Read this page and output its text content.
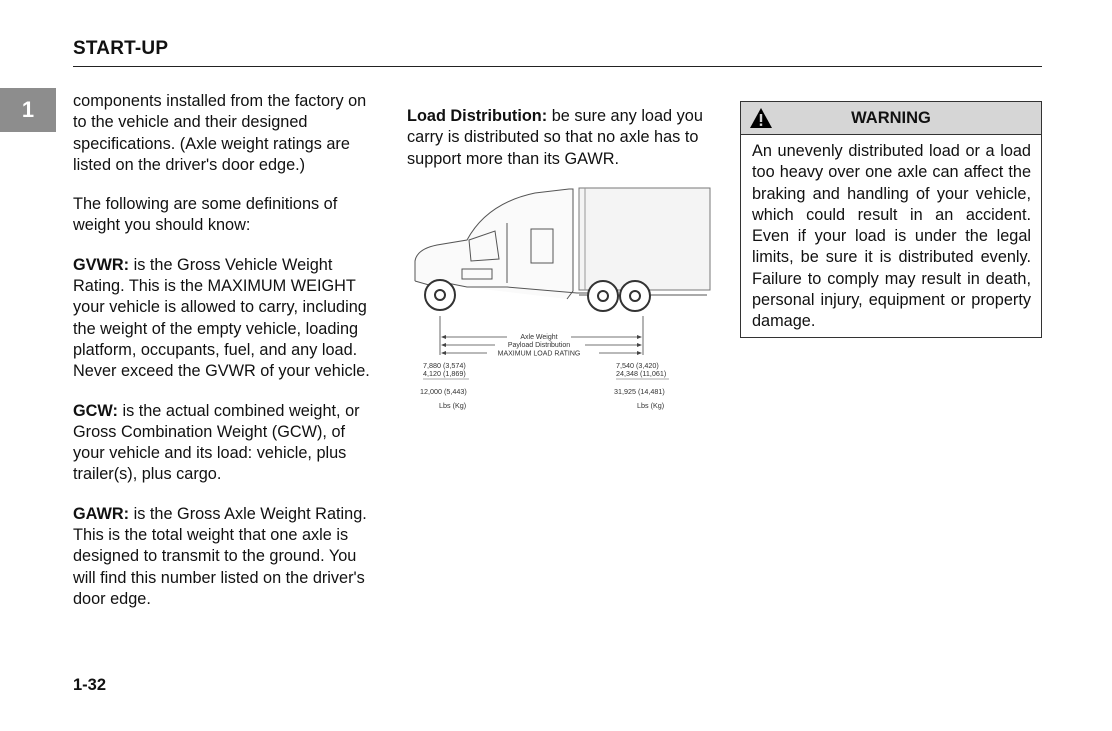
START-UP
1	components installed from the factory on to the vehicle and their designed specifications. (Axle weight ratings are listed on the driver's door edge.)

The following are some definitions of weight you should know:

GVWR: is the Gross Vehicle Weight Rating. This is the MAXIMUM WEIGHT your vehicle is allowed to carry, including the weight of the empty vehicle, loading platform, occupants, fuel, and any load. Never exceed the GVWR of your vehicle.

GCW: is the actual combined weight, or Gross Combination Weight (GCW), of your vehicle and its load: vehicle, plus trailer(s), plus cargo.

GAWR: is the Gross Axle Weight Rating. This is the total weight that one axle is designed to transmit to the ground. You will find this number listed on the driver's door edge.

Load Distribution: be sure any load you carry is distributed so that no axle has to support more than its GAWR.

Axle Weight
Payload Distribution
MAXIMUM LOAD RATING
7,880 (3,574)
4,120 (1,869)
12,000 (5,443)
Lbs (Kg)
7,540 (3,420)
24,348 (11,061)
31,925 (14,481)
Lbs (Kg)
WARNING
An unevenly distributed load or a load too heavy over one axle can affect the braking and handling of your vehicle, which could result in an accident. Even if your load is under the legal limits, be sure it is distributed evenly. Failure to comply may result in death, personal injury, equipment or property damage.
1-32
